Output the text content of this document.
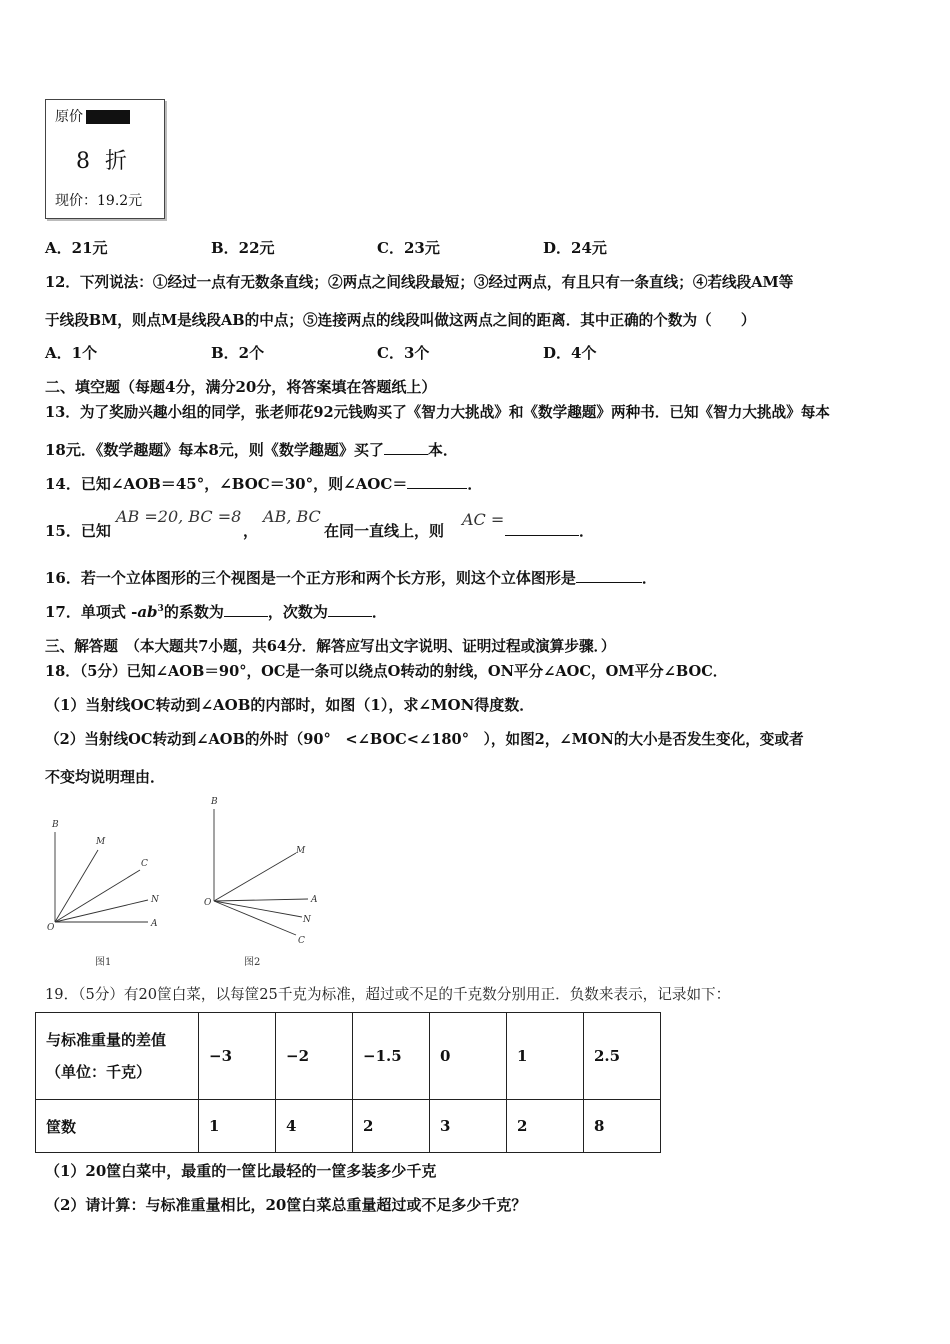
原价
8 折
现价：19.2元
A．21元	B．22元	C．23元	D．24元
12．下列说法：①经过一点有无数条直线；②两点之间线段最短；③经过两点，有且只有一条直线；④若线段AM等
于线段BM，则点M是线段AB的中点；⑤连接两点的线段叫做这两点之间的距离．其中正确的个数为（　　）
A．1个	B．2个	C．3个	D．4个
二、填空题（每题4分，满分20分，将答案填在答题纸上）
13．为了奖励兴趣小组的同学，张老师花92元钱购买了《智力大挑战》和《数学趣题》两种书．已知《智力大挑战》每本
18元．《数学趣题》每本8元，则《数学趣题》买了	本．
14．已知∠AOB＝45°，∠BOC＝30°，则∠AOC＝	．
15．已知
AB =20, BC =8
，
AB, BC
在同一直线上，则
AC =
．
16．若一个立体图形的三个视图是一个正方形和两个长方形，则这个立体图形是	．
17．单项式 $-ab^3$的系数为	，次数为	．
三、解答题　（本大题共7小题，共64分．解答应写出文字说明、证明过程或演算步骤．）
18．（5分）已知∠AOB＝90°，OC是一条可以绕点O转动的射线，ON平分∠AOC，OM平分∠BOC．
（1）当射线OC转动到∠AOB的内部时，如图（1），求∠MON得度数．
（2）当射线OC转动到∠AOB的外时（90°　<∠BOC<∠180°　），如图2，∠MON的大小是否发生变化，变或者
不变均说明理由．
B
M
C
N
A
O
图1
B
M
A
N
C
O
图2
19．（5分）有20筐白菜，以每筐25千克为标准，超过或不足的千克数分别用正．负数来表示，记录如下：
与标准重量的差值
（单位：千克）	−3	−2	−1.5	0	1	2.5
筐数	1	4	2	3	2	8
（1）20筐白菜中，最重的一筐比最轻的一筐多装多少千克
（2）请计算：与标准重量相比，20筐白菜总重量超过或不足多少千克？
